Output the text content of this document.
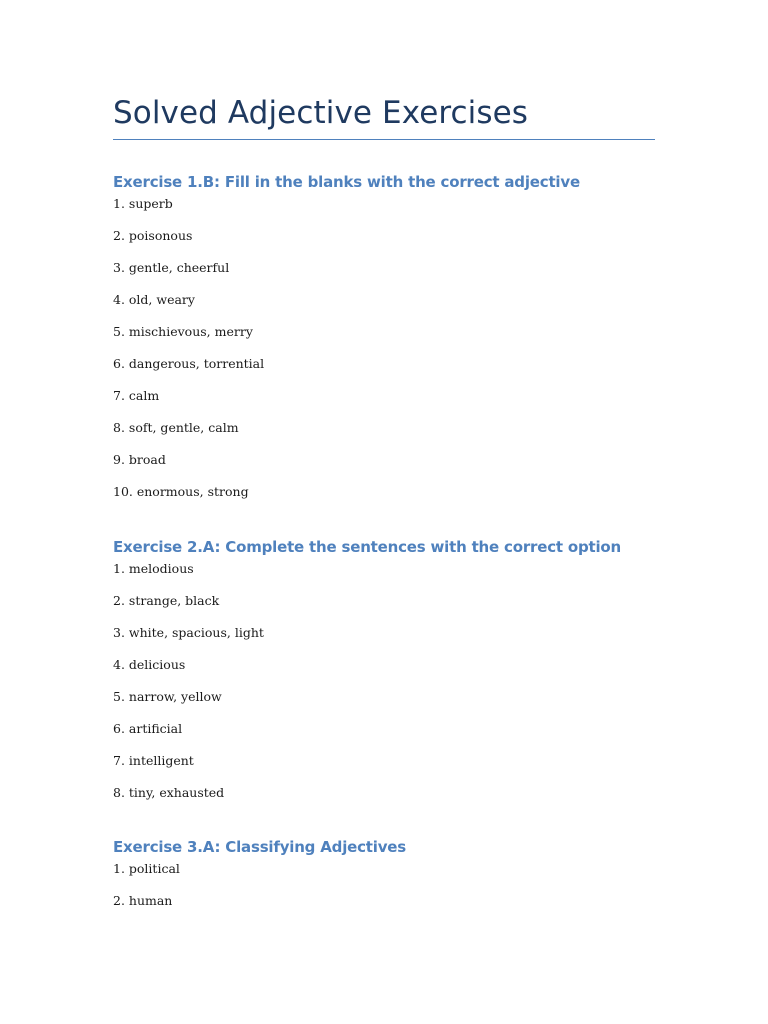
Solved Adjective Exercises
Exercise 1.B: Fill in the blanks with the correct adjective
1. superb
2. poisonous
3. gentle, cheerful
4. old, weary
5. mischievous, merry
6. dangerous, torrential
7. calm
8. soft, gentle, calm
9. broad
10. enormous, strong
Exercise 2.A: Complete the sentences with the correct option
1. melodious
2. strange, black
3. white, spacious, light
4. delicious
5. narrow, yellow
6. artificial
7. intelligent
8. tiny, exhausted
Exercise 3.A: Classifying Adjectives
1. political
2. human
